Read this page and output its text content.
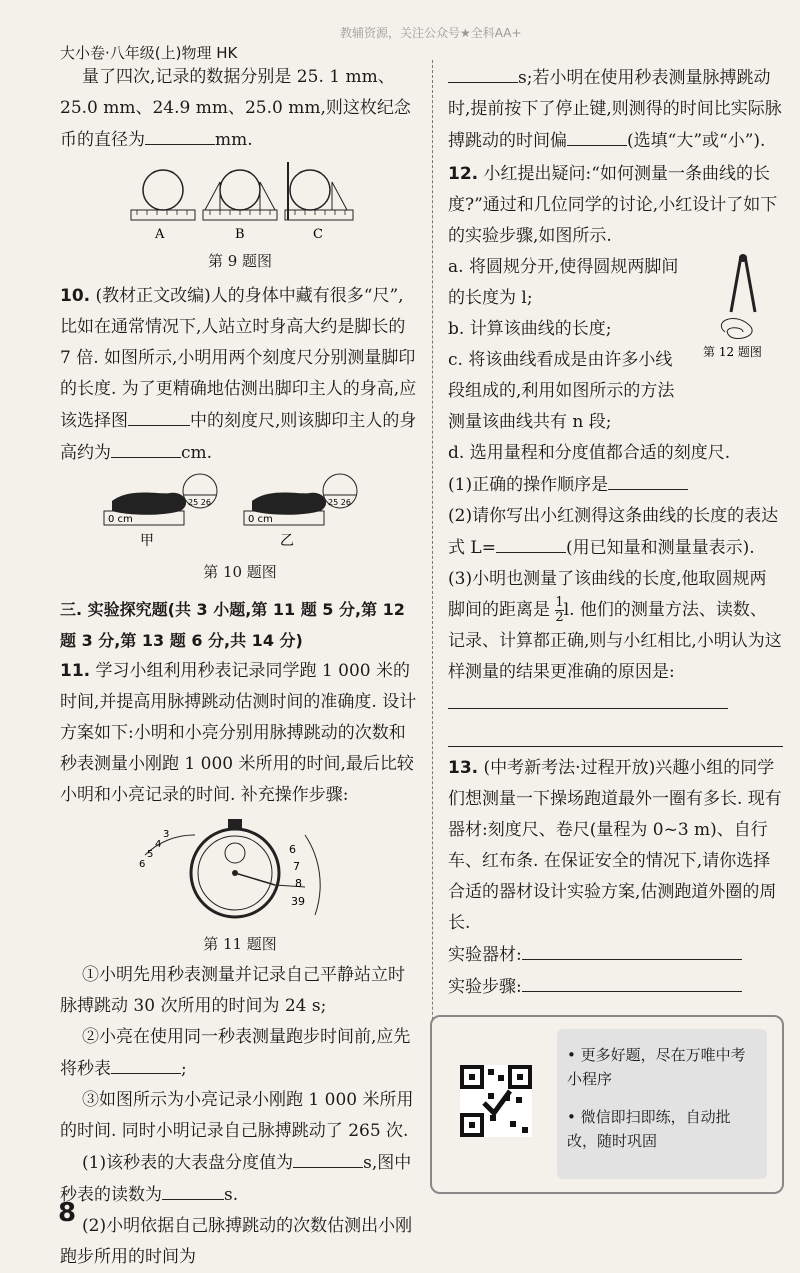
大小卷·八年级(上)物理 HK
教辅资源，关注公众号★全科AA+

量了四次,记录的数据分别是 25. 1 mm、25.0 mm、24.9 mm、25.0 mm,则这枚纪念币的直径为	mm.

A	B	C

第 9 题图

10. (教材正文改编)人的身体中藏有很多“尺”,比如在通常情况下,人站立时身高大约是脚长的 7 倍. 如图所示,小明用两个刻度尺分别测量脚印的长度. 为了更精确地估测出脚印主人的身高,应该选择图	中的刻度尺,则该脚印主人的身高约为	cm.

0 cm
25 26
0 cm
25 26
甲	乙

第 10 题图

三. 实验探究题(共 3 小题,第 11 题 5 分,第 12 题 3 分,第 13 题 6 分,共 14 分)

11. 学习小组利用秒表记录同学跑 1 000 米的时间,并提高用脉搏跳动估测时间的准确度. 设计方案如下:小明和小亮分别用脉搏跳动的次数和秒表测量小刚跑 1 000 米所用的时间,最后比较小明和小亮记录的时间. 补充操作步骤:

3
4
5
6
6
7
8
39

第 11 题图

①小明先用秒表测量并记录自己平静站立时脉搏跳动 30 次所用的时间为 24 s;

②小亮在使用同一秒表测量跑步时间前,应先将秒表	;

③如图所示为小亮记录小刚跑 1 000 米所用的时间. 同时小明记录自己脉搏跳动了 265 次.

(1)该秒表的大表盘分度值为	s,图中秒表的读数为	s.

(2)小明依据自己脉搏跳动的次数估测出小刚跑步所用的时间为

s;若小明在使用秒表测量脉搏跳动时,提前按下了停止键,则测得的时间比实际脉搏跳动的时间偏	(选填“大”或“小”).

12. 小红提出疑问:“如何测量一条曲线的长度?”通过和几位同学的讨论,小红设计了如下的实验步骤,如图所示.

第 12 题图

a. 将圆规分开,使得圆规两脚间的长度为 l;

b. 计算该曲线的长度;

c. 将该曲线看成是由许多小线段组成的,利用如图所示的方法测量该曲线共有 n 段;

d. 选用量程和分度值都合适的刻度尺.

(1)正确的操作顺序是

(2)请你写出小红测得这条曲线的长度的表达式 L=	(用已知量和测量量表示).

(3)小明也测量了该曲线的长度,他取圆规两脚间的距离是 $\frac{1}{2} l$. 他们的测量方法、读数、记录、计算都正确,则与小红相比,小明认为这样测量的结果更准确的原因是:

13. (中考新考法·过程开放)兴趣小组的同学们想测量一下操场跑道最外一圈有多长. 现有器材:刻度尺、卷尺(量程为 0~3 m)、自行车、红布条. 在保证安全的情况下,请你选择合适的器材设计实验方案,估测跑道外圈的周长.

实验器材:

实验步骤:

• 更多好题，尽在万唯中考小程序

• 微信即扫即练，自动批改，随时巩固

8
